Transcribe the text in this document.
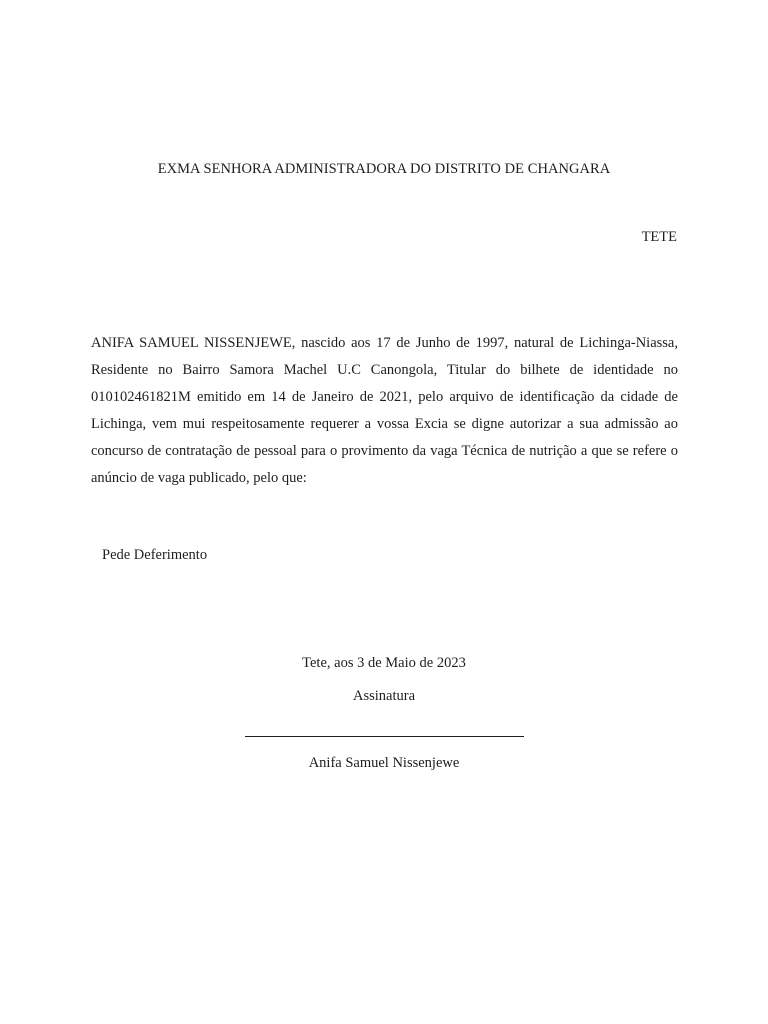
EXMA SENHORA ADMINISTRADORA DO DISTRITO DE CHANGARA
TETE

ANIFA SAMUEL NISSENJEWE, nascido aos 17 de Junho de 1997, natural de Lichinga-Niassa, Residente no Bairro Samora Machel U.C Canongola, Titular do bilhete de identidade no 010102461821M emitido em 14 de Janeiro de 2021, pelo arquivo de identificação da cidade de Lichinga, vem mui respeitosamente requerer a vossa Excia se digne autorizar a sua admissão ao concurso de contratação de pessoal para o provimento da vaga Técnica de nutrição a que se refere o anúncio de vaga publicado, pelo que:

Pede Deferimento
Tete, aos 3 de Maio de 2023
Assinatura
Anifa Samuel Nissenjewe
